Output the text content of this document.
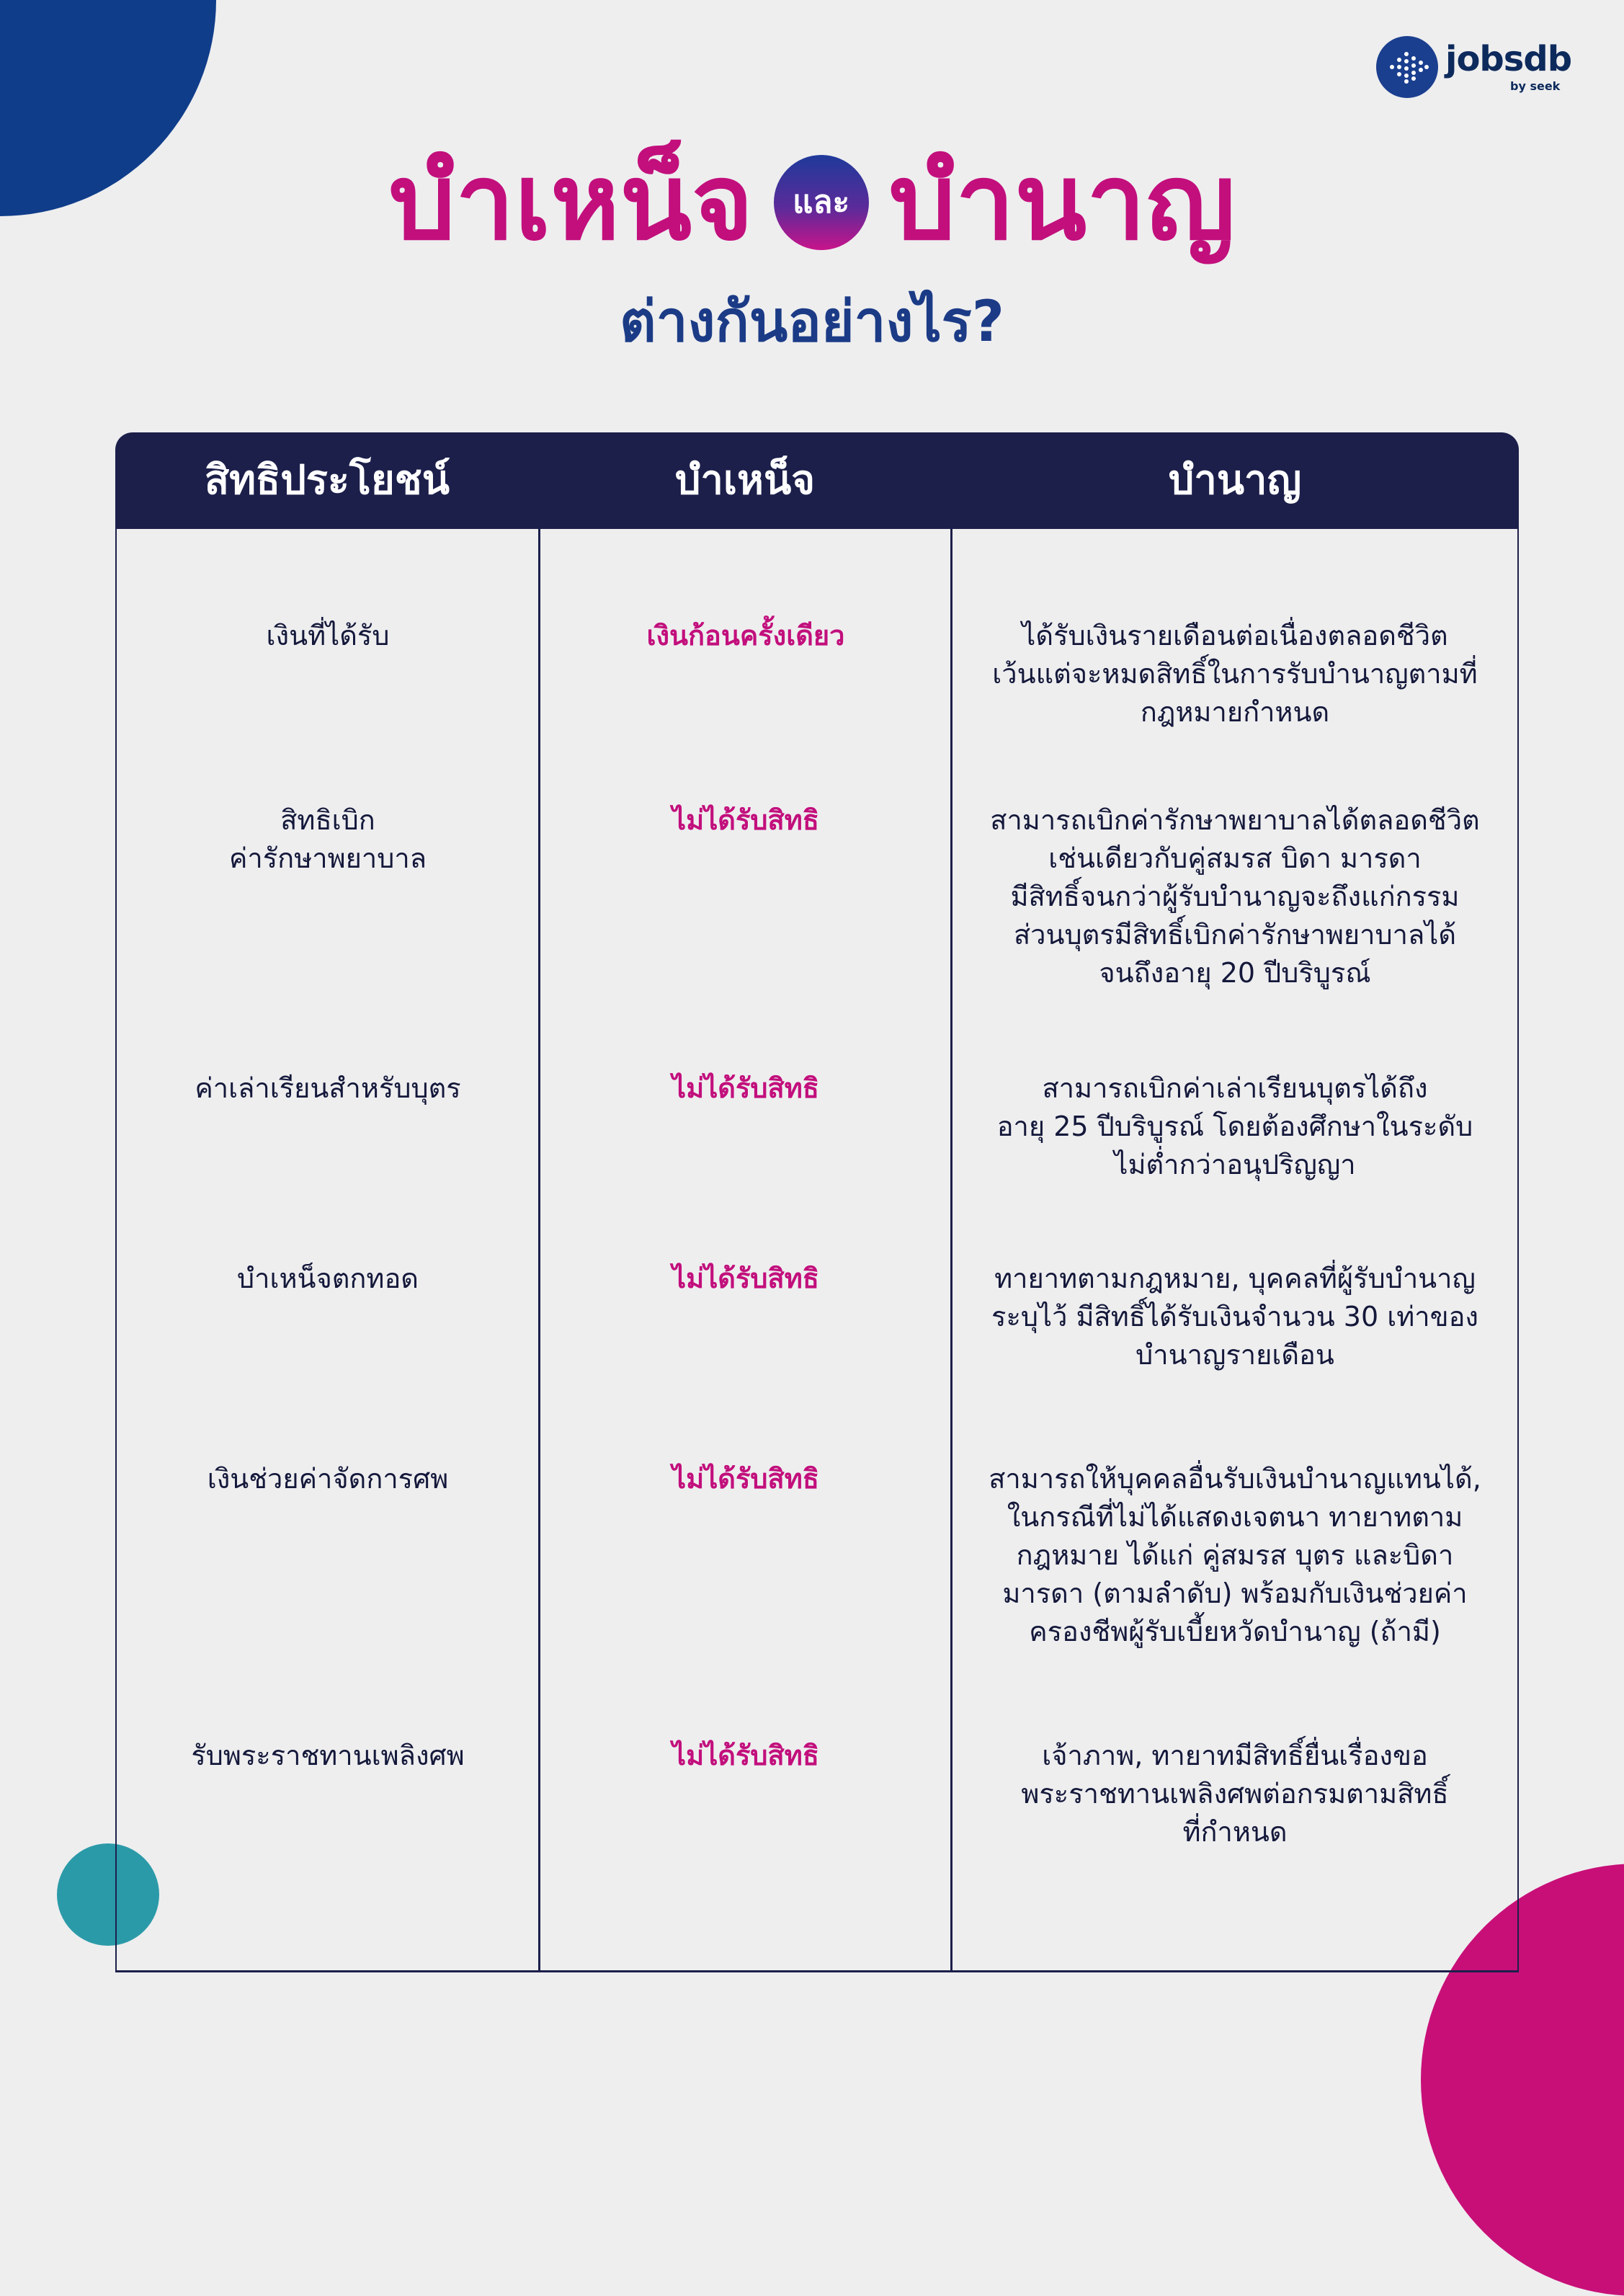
jobsdb
by seek
บำเหน็จ และ บำนาญ
ต่างกันอย่างไร?
สิทธิประโยชน์	บำเหน็จ	บำนาญ
เงินที่ได้รับ	เงินก้อนครั้งเดียว	ได้รับเงินรายเดือนต่อเนื่องตลอดชีวิต
เว้นแต่จะหมดสิทธิ์ในการรับบำนาญตามที่
กฎหมายกำหนด
สิทธิเบิก
ค่ารักษาพยาบาล
ไม่ได้รับสิทธิ	สามารถเบิกค่ารักษาพยาบาลได้ตลอดชีวิต
เช่นเดียวกับคู่สมรส บิดา มารดา
มีสิทธิ์จนกว่าผู้รับบำนาญจะถึงแก่กรรม
ส่วนบุตรมีสิทธิ์เบิกค่ารักษาพยาบาลได้
จนถึงอายุ 20 ปีบริบูรณ์
ค่าเล่าเรียนสำหรับบุตร	ไม่ได้รับสิทธิ	สามารถเบิกค่าเล่าเรียนบุตรได้ถึง
อายุ 25 ปีบริบูรณ์ โดยต้องศึกษาในระดับ
ไม่ต่ำกว่าอนุปริญญา
บำเหน็จตกทอด	ไม่ได้รับสิทธิ	ทายาทตามกฎหมาย, บุคคลที่ผู้รับบำนาญ
ระบุไว้ มีสิทธิ์ได้รับเงินจำนวน 30 เท่าของ
บำนาญรายเดือน
เงินช่วยค่าจัดการศพ	ไม่ได้รับสิทธิ	สามารถให้บุคคลอื่นรับเงินบำนาญแทนได้,
ในกรณีที่ไม่ได้แสดงเจตนา ทายาทตาม
กฎหมาย ได้แก่ คู่สมรส บุตร และบิดา
มารดา (ตามลำดับ) พร้อมกับเงินช่วยค่า
ครองชีพผู้รับเบี้ยหวัดบำนาญ (ถ้ามี)
รับพระราชทานเพลิงศพ	ไม่ได้รับสิทธิ	เจ้าภาพ, ทายาทมีสิทธิ์ยื่นเรื่องขอ
พระราชทานเพลิงศพต่อกรมตามสิทธิ์
ที่กำหนด
